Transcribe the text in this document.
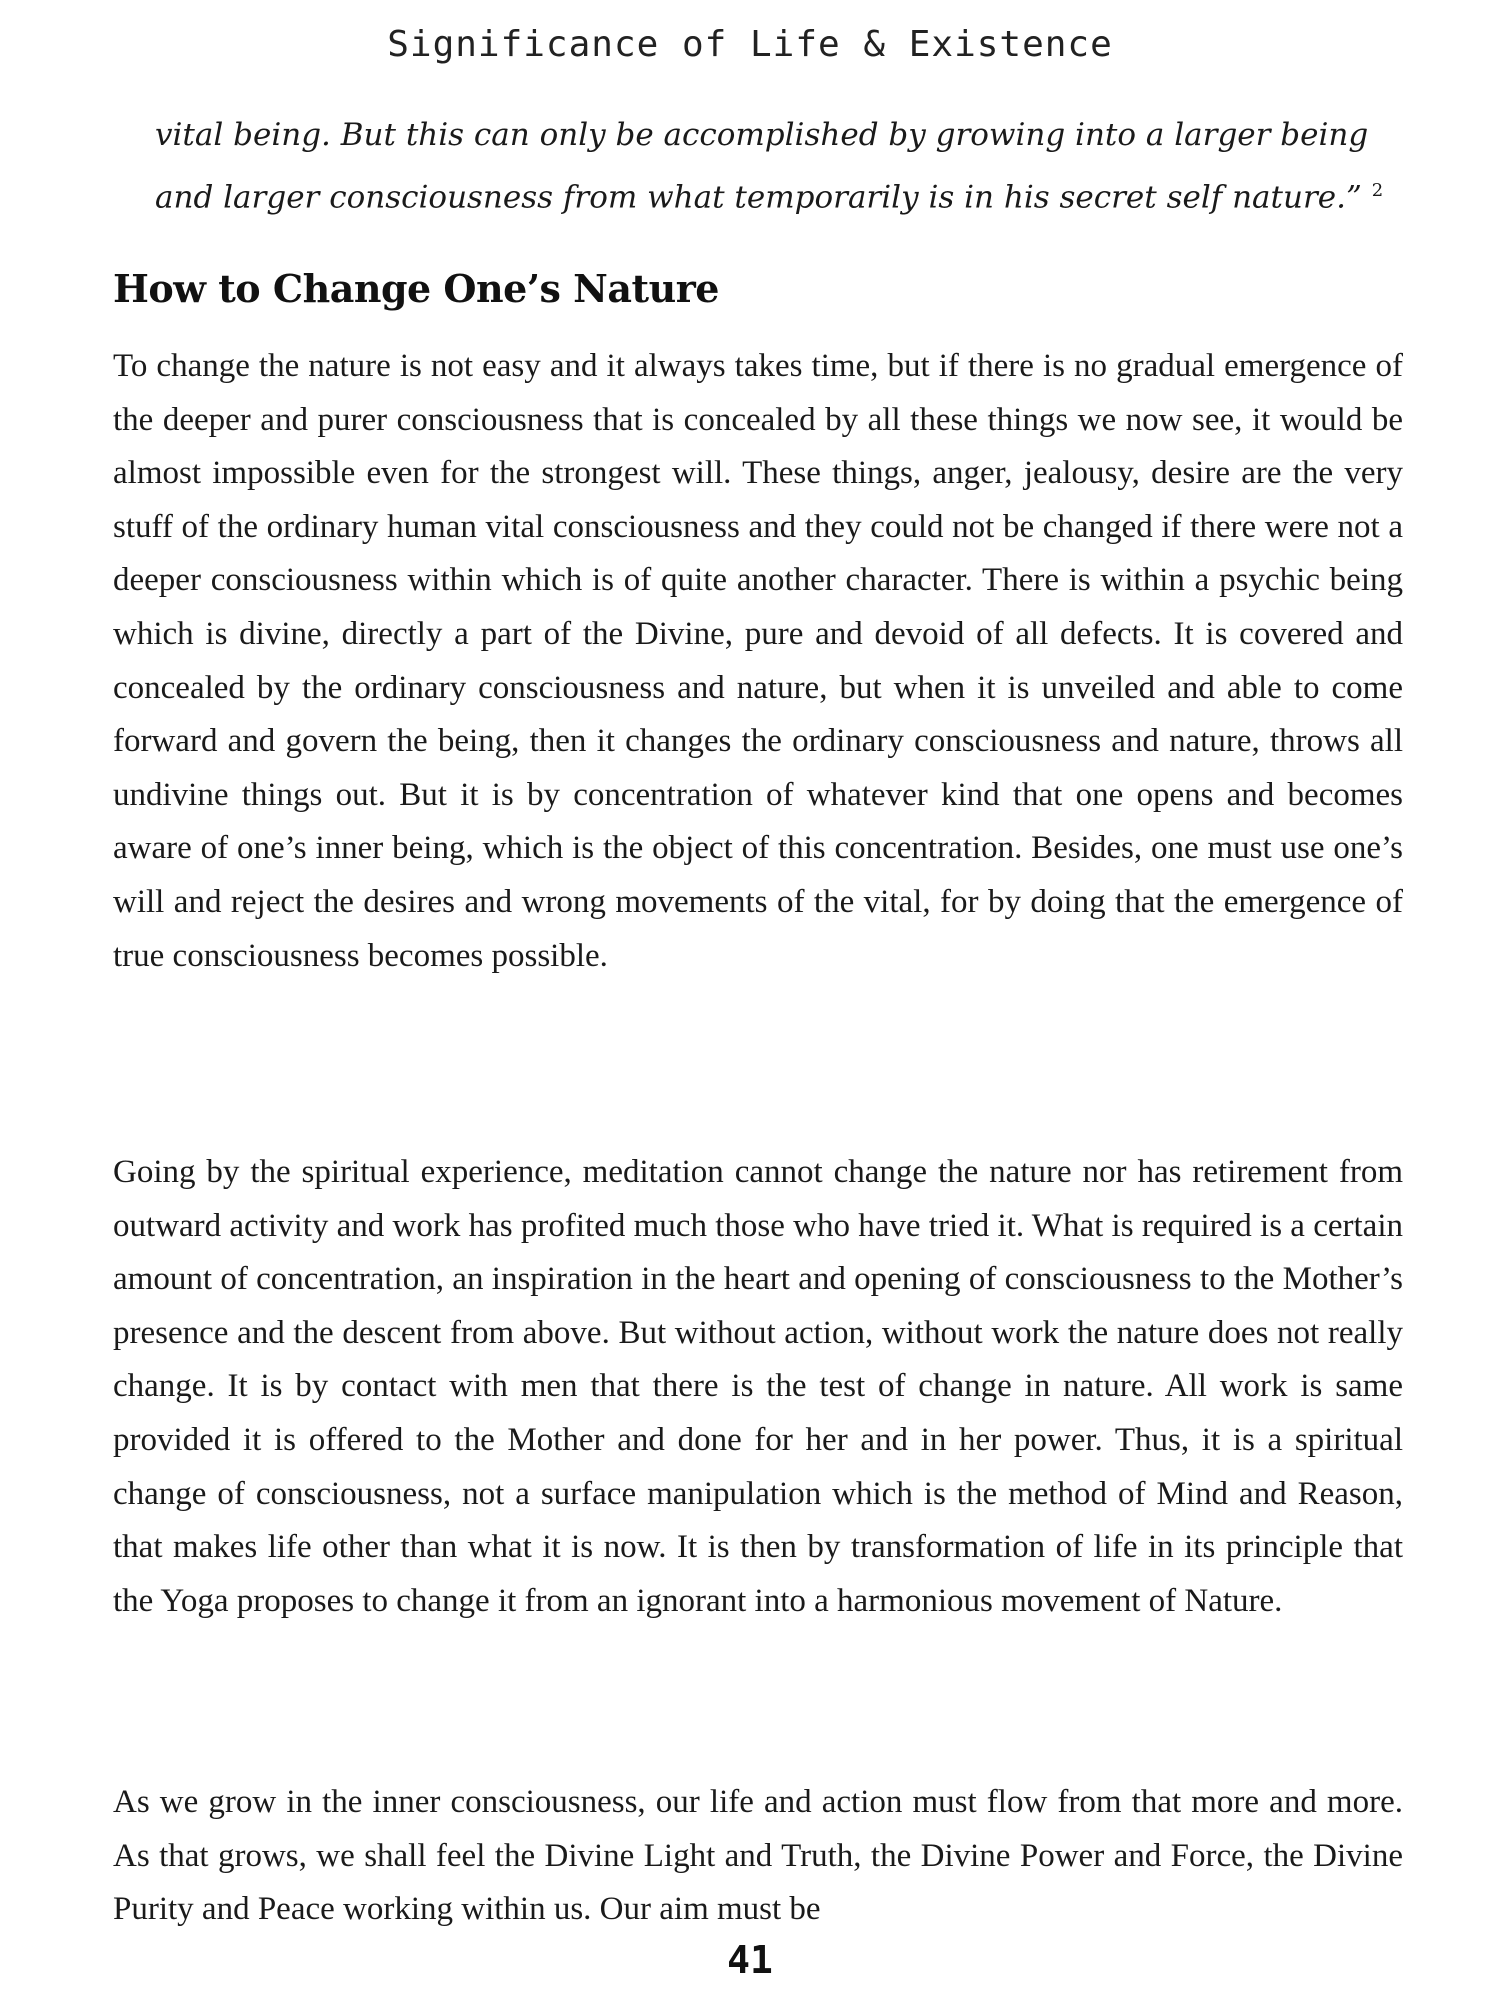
Significance of Life & Existence

vital being. But this can only be accomplished by growing into a larger being and larger consciousness from what temporarily is in his secret self nature.” $^2$

How to Change One’s Nature

To change the nature is not easy and it always takes time, but if there is no gradual emergence of the deeper and purer consciousness that is concealed by all these things we now see, it would be almost impossible even for the strongest will. These things, anger, jealousy, desire are the very stuff of the ordinary human vital consciousness and they could not be changed if there were not a deeper consciousness within which is of quite another character. There is within a psychic being which is divine, directly a part of the Divine, pure and devoid of all defects. It is covered and concealed by the ordinary consciousness and nature, but when it is unveiled and able to come forward and govern the being, then it changes the ordinary consciousness and nature, throws all undivine things out. But it is by concentration of whatever kind that one opens and becomes aware of one’s inner being, which is the object of this concentration. Besides, one must use one’s will and reject the desires and wrong movements of the vital, for by doing that the emergence of true consciousness becomes possible.

Going by the spiritual experience, meditation cannot change the nature nor has retirement from outward activity and work has profited much those who have tried it. What is required is a certain amount of concentration, an inspiration in the heart and opening of consciousness to the Mother’s presence and the descent from above. But without action, without work the nature does not really change. It is by contact with men that there is the test of change in nature. All work is same provided it is offered to the Mother and done for her and in her power. Thus, it is a spiritual change of consciousness, not a surface manipulation which is the method of Mind and Reason, that makes life other than what it is now. It is then by transformation of life in its principle that the Yoga proposes to change it from an ignorant into a harmonious movement of Nature.

As we grow in the inner consciousness, our life and action must flow from that more and more. As that grows, we shall feel the Divine Light and Truth, the Divine Power and Force, the Divine Purity and Peace working within us. Our aim must be

41
